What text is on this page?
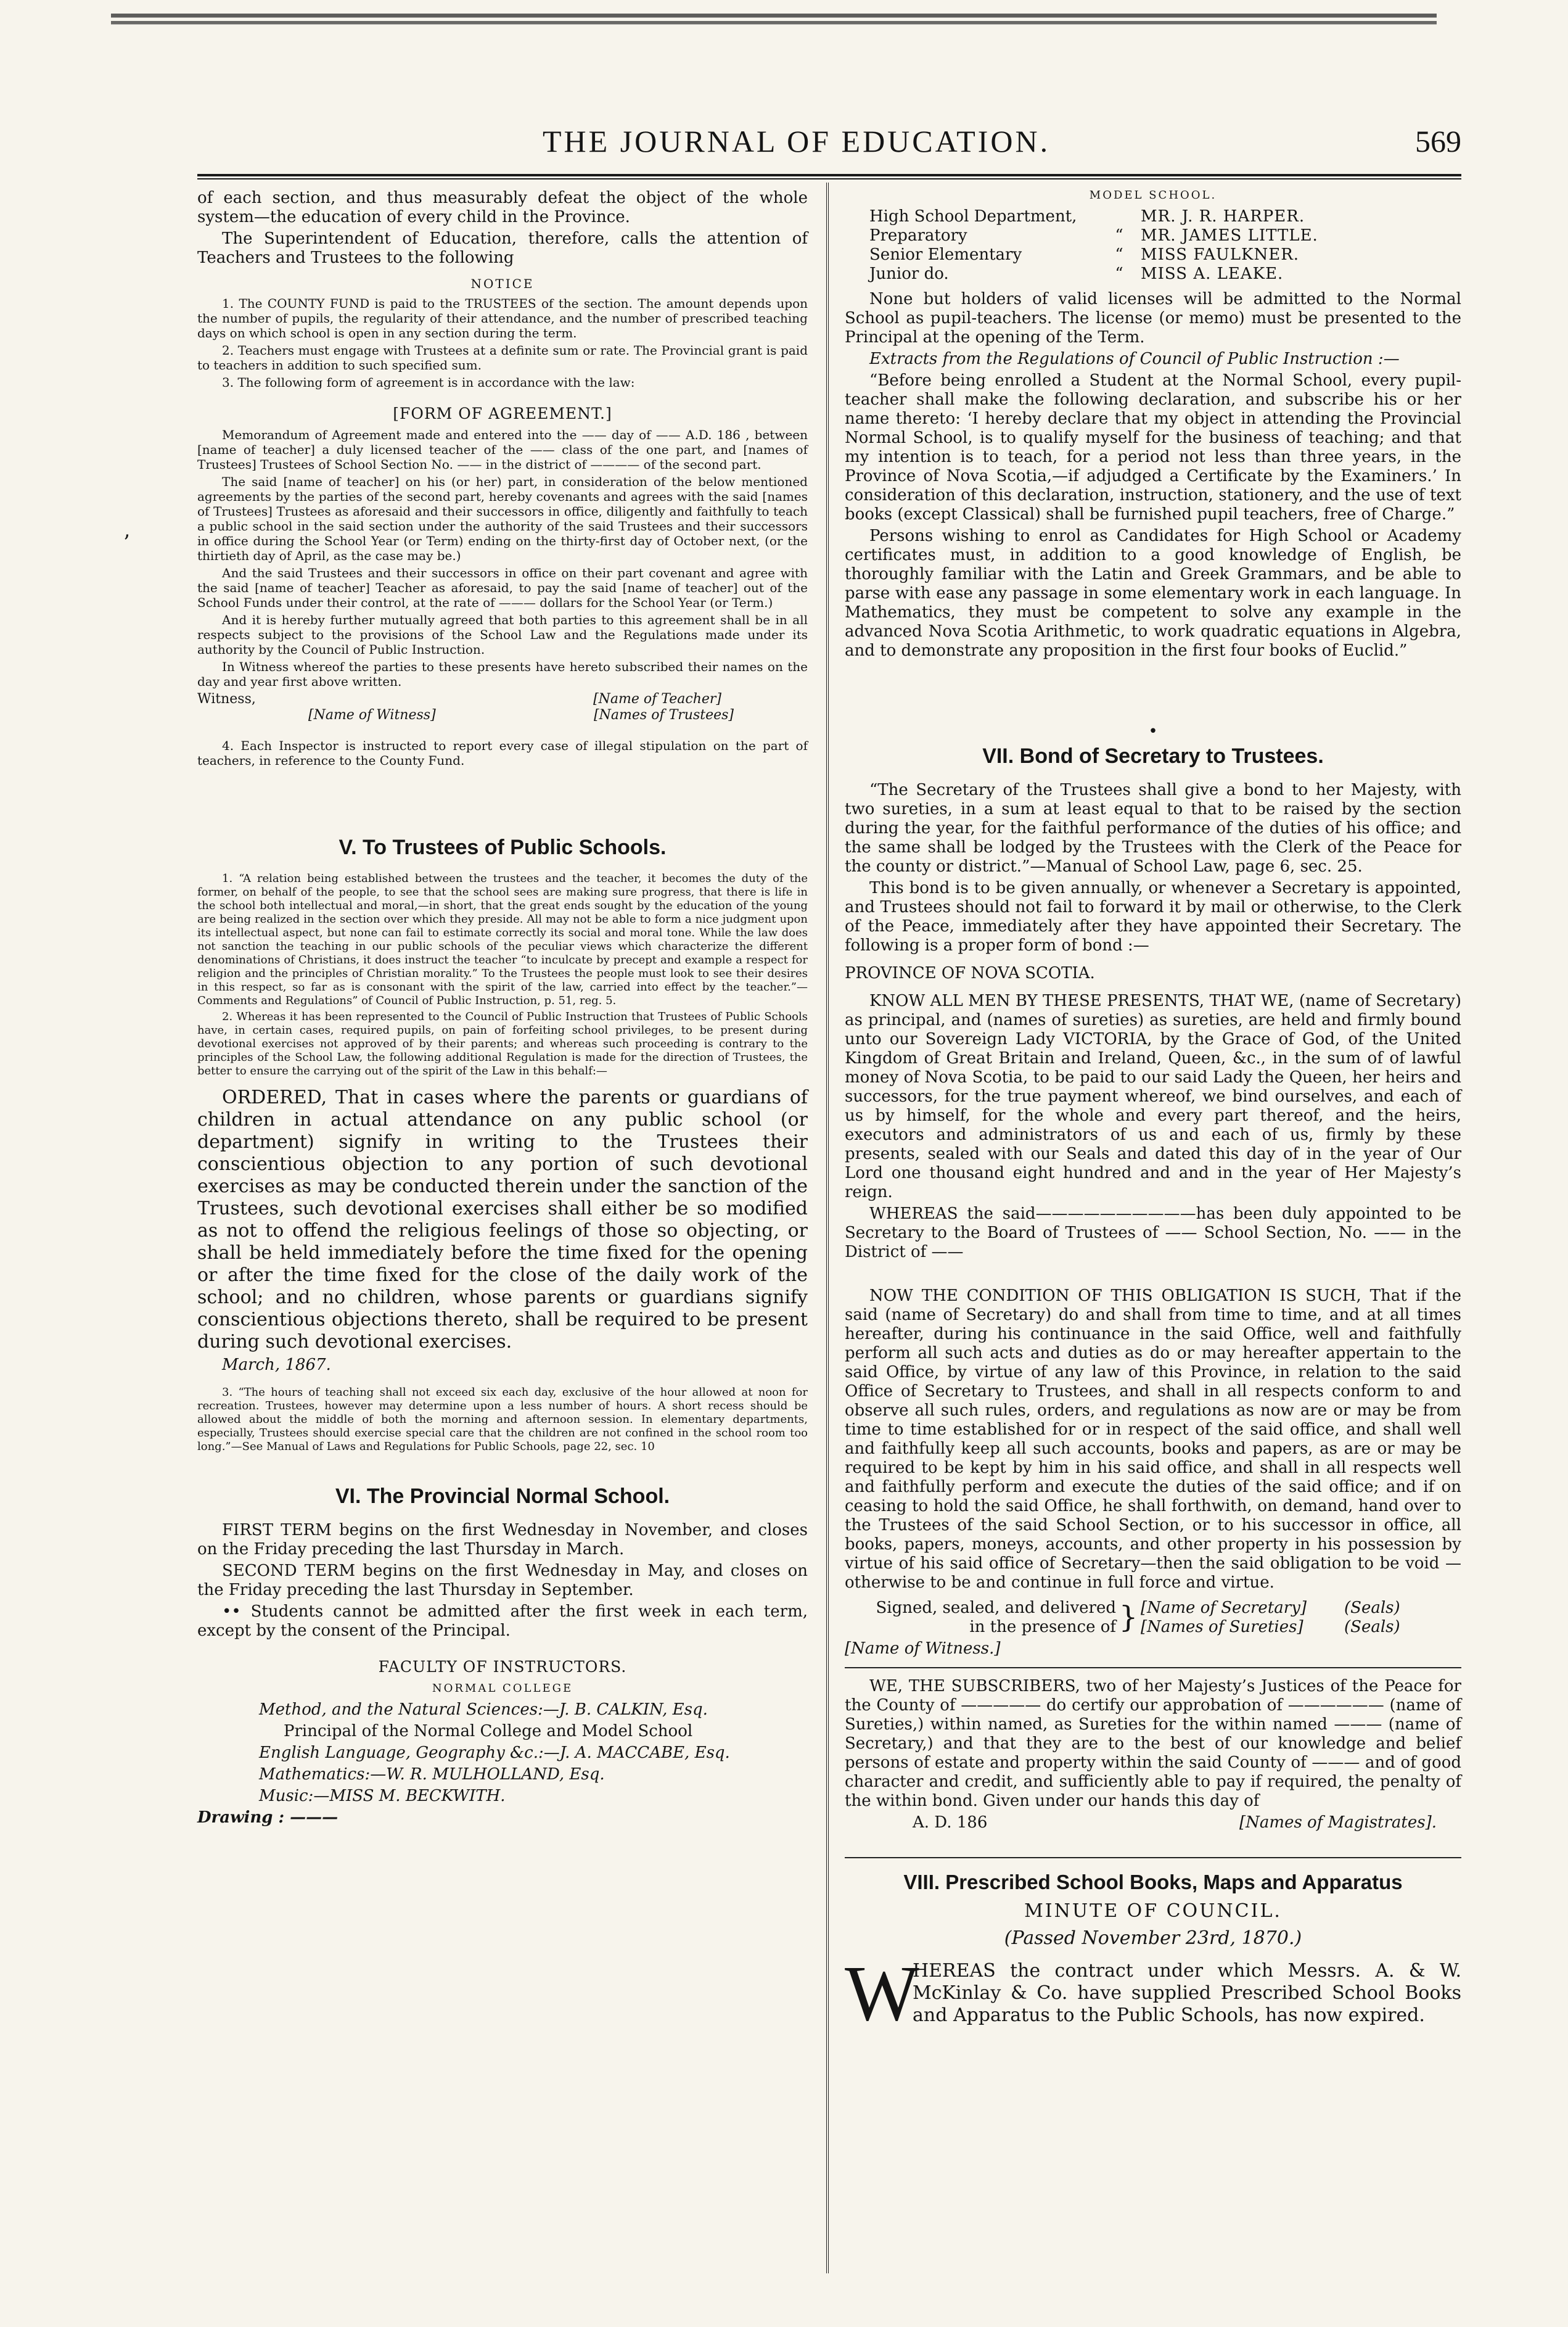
THE JOURNAL OF EDUCATION.	569
’

of each section, and thus measurably defeat the object of the whole system—the education of every child in the Province.

The Superintendent of Education, therefore, calls the attention of Teachers and Trustees to the following

NOTICE

1. The COUNTY FUND is paid to the TRUSTEES of the section. The amount depends upon the number of pupils, the regularity of their attendance, and the number of prescribed teaching days on which school is open in any section during the term.

2. Teachers must engage with Trustees at a definite sum or rate. The Provincial grant is paid to teachers in addition to such specified sum.

3. The following form of agreement is in accordance with the law:

[FORM OF AGREEMENT.]

Memorandum of Agreement made and entered into the —— day of —— A.D. 186 , between [name of teacher] a duly licensed teacher of the —— class of the one part, and [names of Trustees] Trustees of School Section No. —— in the district of ———— of the second part.

The said [name of teacher] on his (or her) part, in consideration of the below mentioned agreements by the parties of the second part, hereby covenants and agrees with the said [names of Trustees] Trustees as aforesaid and their successors in office, diligently and faithfully to teach a public school in the said section under the authority of the said Trustees and their successors in office during the School Year (or Term) ending on the thirty-first day of October next, (or the thirtieth day of April, as the case may be.)

And the said Trustees and their successors in office on their part covenant and agree with the said [name of teacher] Teacher as aforesaid, to pay the said [name of teacher] out of the School Funds under their control, at the rate of ——— dollars for the School Year (or Term.)

And it is hereby further mutually agreed that both parties to this agreement shall be in all respects subject to the provisions of the School Law and the Regulations made under its authority by the Council of Public Instruction.

In Witness whereof the parties to these presents have hereto subscribed their names on the day and year first above written.

Witness,	[Name of Teacher]
[Name of Witness]	[Names of Trustees]

4. Each Inspector is instructed to report every case of illegal stipulation on the part of teachers, in reference to the County Fund.

V. To Trustees of Public Schools.

1. “A relation being established between the trustees and the teacher, it becomes the duty of the former, on behalf of the people, to see that the school sees are making sure progress, that there is life in the school both intellectual and moral,—in short, that the great ends sought by the education of the young are being realized in the section over which they preside. All may not be able to form a nice judgment upon its intellectual aspect, but none can fail to estimate correctly its social and moral tone. While the law does not sanction the teaching in our public schools of the peculiar views which characterize the different denominations of Christians, it does instruct the teacher “to inculcate by precept and example a respect for religion and the principles of Christian morality.” To the Trustees the people must look to see their desires in this respect, so far as is consonant with the spirit of the law, carried into effect by the teacher.”— Comments and Regulations” of Council of Public Instruction, p. 51, reg. 5.

2. Whereas it has been represented to the Council of Public Instruction that Trustees of Public Schools have, in certain cases, required pupils, on pain of forfeiting school privileges, to be present during devotional exercises not approved of by their parents; and whereas such proceeding is contrary to the principles of the School Law, the following additional Regulation is made for the direction of Trustees, the better to ensure the carrying out of the spirit of the Law in this behalf:—

ORDERED, That in cases where the parents or guardians of children in actual attendance on any public school (or department) signify in writing to the Trustees their conscientious objection to any portion of such devotional exercises as may be conducted therein under the sanction of the Trustees, such devotional exercises shall either be so modified as not to offend the religious feelings of those so objecting, or shall be held immediately before the time fixed for the opening or after the time fixed for the close of the daily work of the school; and no children, whose parents or guardians signify conscientious objections thereto, shall be required to be present during such devotional exercises.

March, 1867.

3. “The hours of teaching shall not exceed six each day, exclusive of the hour allowed at noon for recreation. Trustees, however may determine upon a less number of hours. A short recess should be allowed about the middle of both the morning and afternoon session. In elementary departments, especially, Trustees should exercise special care that the children are not confined in the school room too long.”—See Manual of Laws and Regulations for Public Schools, page 22, sec. 10

VI. The Provincial Normal School.

FIRST TERM begins on the first Wednesday in November, and closes on the Friday preceding the last Thursday in March.

SECOND TERM begins on the first Wednesday in May, and closes on the Friday preceding the last Thursday in September.

•• Students cannot be admitted after the first week in each term, except by the consent of the Principal.

FACULTY OF INSTRUCTORS.
NORMAL COLLEGE

Method, and the Natural Sciences:—J. B. CALKIN, Esq.

Principal of the Normal College and Model School

English Language, Geography &c.:—J. A. MACCABE, Esq.

Mathematics:—W. R. MULHOLLAND, Esq.

Music:—MISS M. BECKWITH.

Drawing : ———

MODEL SCHOOL.
High School Department,	MR. J. R. HARPER.
Preparatory	“	MR. JAMES LITTLE.
Senior Elementary	“	MISS FAULKNER.
Junior do.	“	MISS A. LEAKE.

None but holders of valid licenses will be admitted to the Normal School as pupil-teachers. The license (or memo) must be presented to the Principal at the opening of the Term.

Extracts from the Regulations of Council of Public Instruction :—

“Before being enrolled a Student at the Normal School, every pupil-teacher shall make the following declaration, and subscribe his or her name thereto: ‘I hereby declare that my object in attending the Provincial Normal School, is to qualify myself for the business of teaching; and that my intention is to teach, for a period not less than three years, in the Province of Nova Scotia,—if adjudged a Certificate by the Examiners.’ In consideration of this declaration, instruction, stationery, and the use of text books (except Classical) shall be furnished pupil teachers, free of Charge.”

Persons wishing to enrol as Candidates for High School or Academy certificates must, in addition to a good knowledge of English, be thoroughly familiar with the Latin and Greek Grammars, and be able to parse with ease any passage in some elementary work in each language. In Mathematics, they must be competent to solve any example in the advanced Nova Scotia Arithmetic, to work quadratic equations in Algebra, and to demonstrate any proposition in the first four books of Euclid.”

•
VII. Bond of Secretary to Trustees.

“The Secretary of the Trustees shall give a bond to her Majesty, with two sureties, in a sum at least equal to that to be raised by the section during the year, for the faithful performance of the duties of his office; and the same shall be lodged by the Trustees with the Clerk of the Peace for the county or district.”—Manual of School Law, page 6, sec. 25.

This bond is to be given annually, or whenever a Secretary is appointed, and Trustees should not fail to forward it by mail or otherwise, to the Clerk of the Peace, immediately after they have appointed their Secretary. The following is a proper form of bond :—

PROVINCE OF NOVA SCOTIA.

KNOW ALL MEN BY THESE PRESENTS, THAT WE, (name of Secretary) as principal, and (names of sureties) as sureties, are held and firmly bound unto our Sovereign Lady VICTORIA, by the Grace of God, of the United Kingdom of Great Britain and Ireland, Queen, &c., in the sum of of lawful money of Nova Scotia, to be paid to our said Lady the Queen, her heirs and successors, for the true payment whereof, we bind ourselves, and each of us by himself, for the whole and every part thereof, and the heirs, executors and administrators of us and each of us, firmly by these presents, sealed with our Seals and dated this day of in the year of Our Lord one thousand eight hundred and and in the year of Her Majesty’s reign.

WHEREAS the said——————————has been duly appointed to be Secretary to the Board of Trustees of —— School Section, No. —— in the District of ——

NOW THE CONDITION OF THIS OBLIGATION IS SUCH, That if the said (name of Secretary) do and shall from time to time, and at all times hereafter, during his continuance in the said Office, well and faithfully perform all such acts and duties as do or may hereafter appertain to the said Office, by virtue of any law of this Province, in relation to the said Office of Secretary to Trustees, and shall in all respects conform to and observe all such rules, orders, and regulations as now are or may be from time to time established for or in respect of the said office, and shall well and faithfully keep all such accounts, books and papers, as are or may be required to be kept by him in his said office, and shall in all respects well and faithfully perform and execute the duties of the said office; and if on ceasing to hold the said Office, he shall forthwith, on demand, hand over to the Trustees of the said School Section, or to his successor in office, all books, papers, moneys, accounts, and other property in his possession by virtue of his said office of Secretary—then the said obligation to be void —otherwise to be and continue in full force and virtue.

Signed, sealed, and delivered } [Name of Secretary]	(Seals)
in the presence of [Names of Sureties]	(Seals)

[Name of Witness.]

WE, THE SUBSCRIBERS, two of her Majesty’s Justices of the Peace for the County of ————— do certify our approbation of —————— (name of Sureties,) within named, as Sureties for the within named ——— (name of Secretary,) and that they are to the best of our knowledge and belief persons of estate and property within the said County of ——— and of good character and credit, and sufficiently able to pay if required, the penalty of the within bond. Given under our hands this day of

A. D. 186	[Names of Magistrates].
VIII. Prescribed School Books, Maps and Apparatus
MINUTE OF COUNCIL.

(Passed November 23rd, 1870.)

W

HEREAS the contract under which Messrs. A. & W. McKinlay & Co. have supplied Prescribed School Books and Apparatus to the Public Schools, has now expired.
